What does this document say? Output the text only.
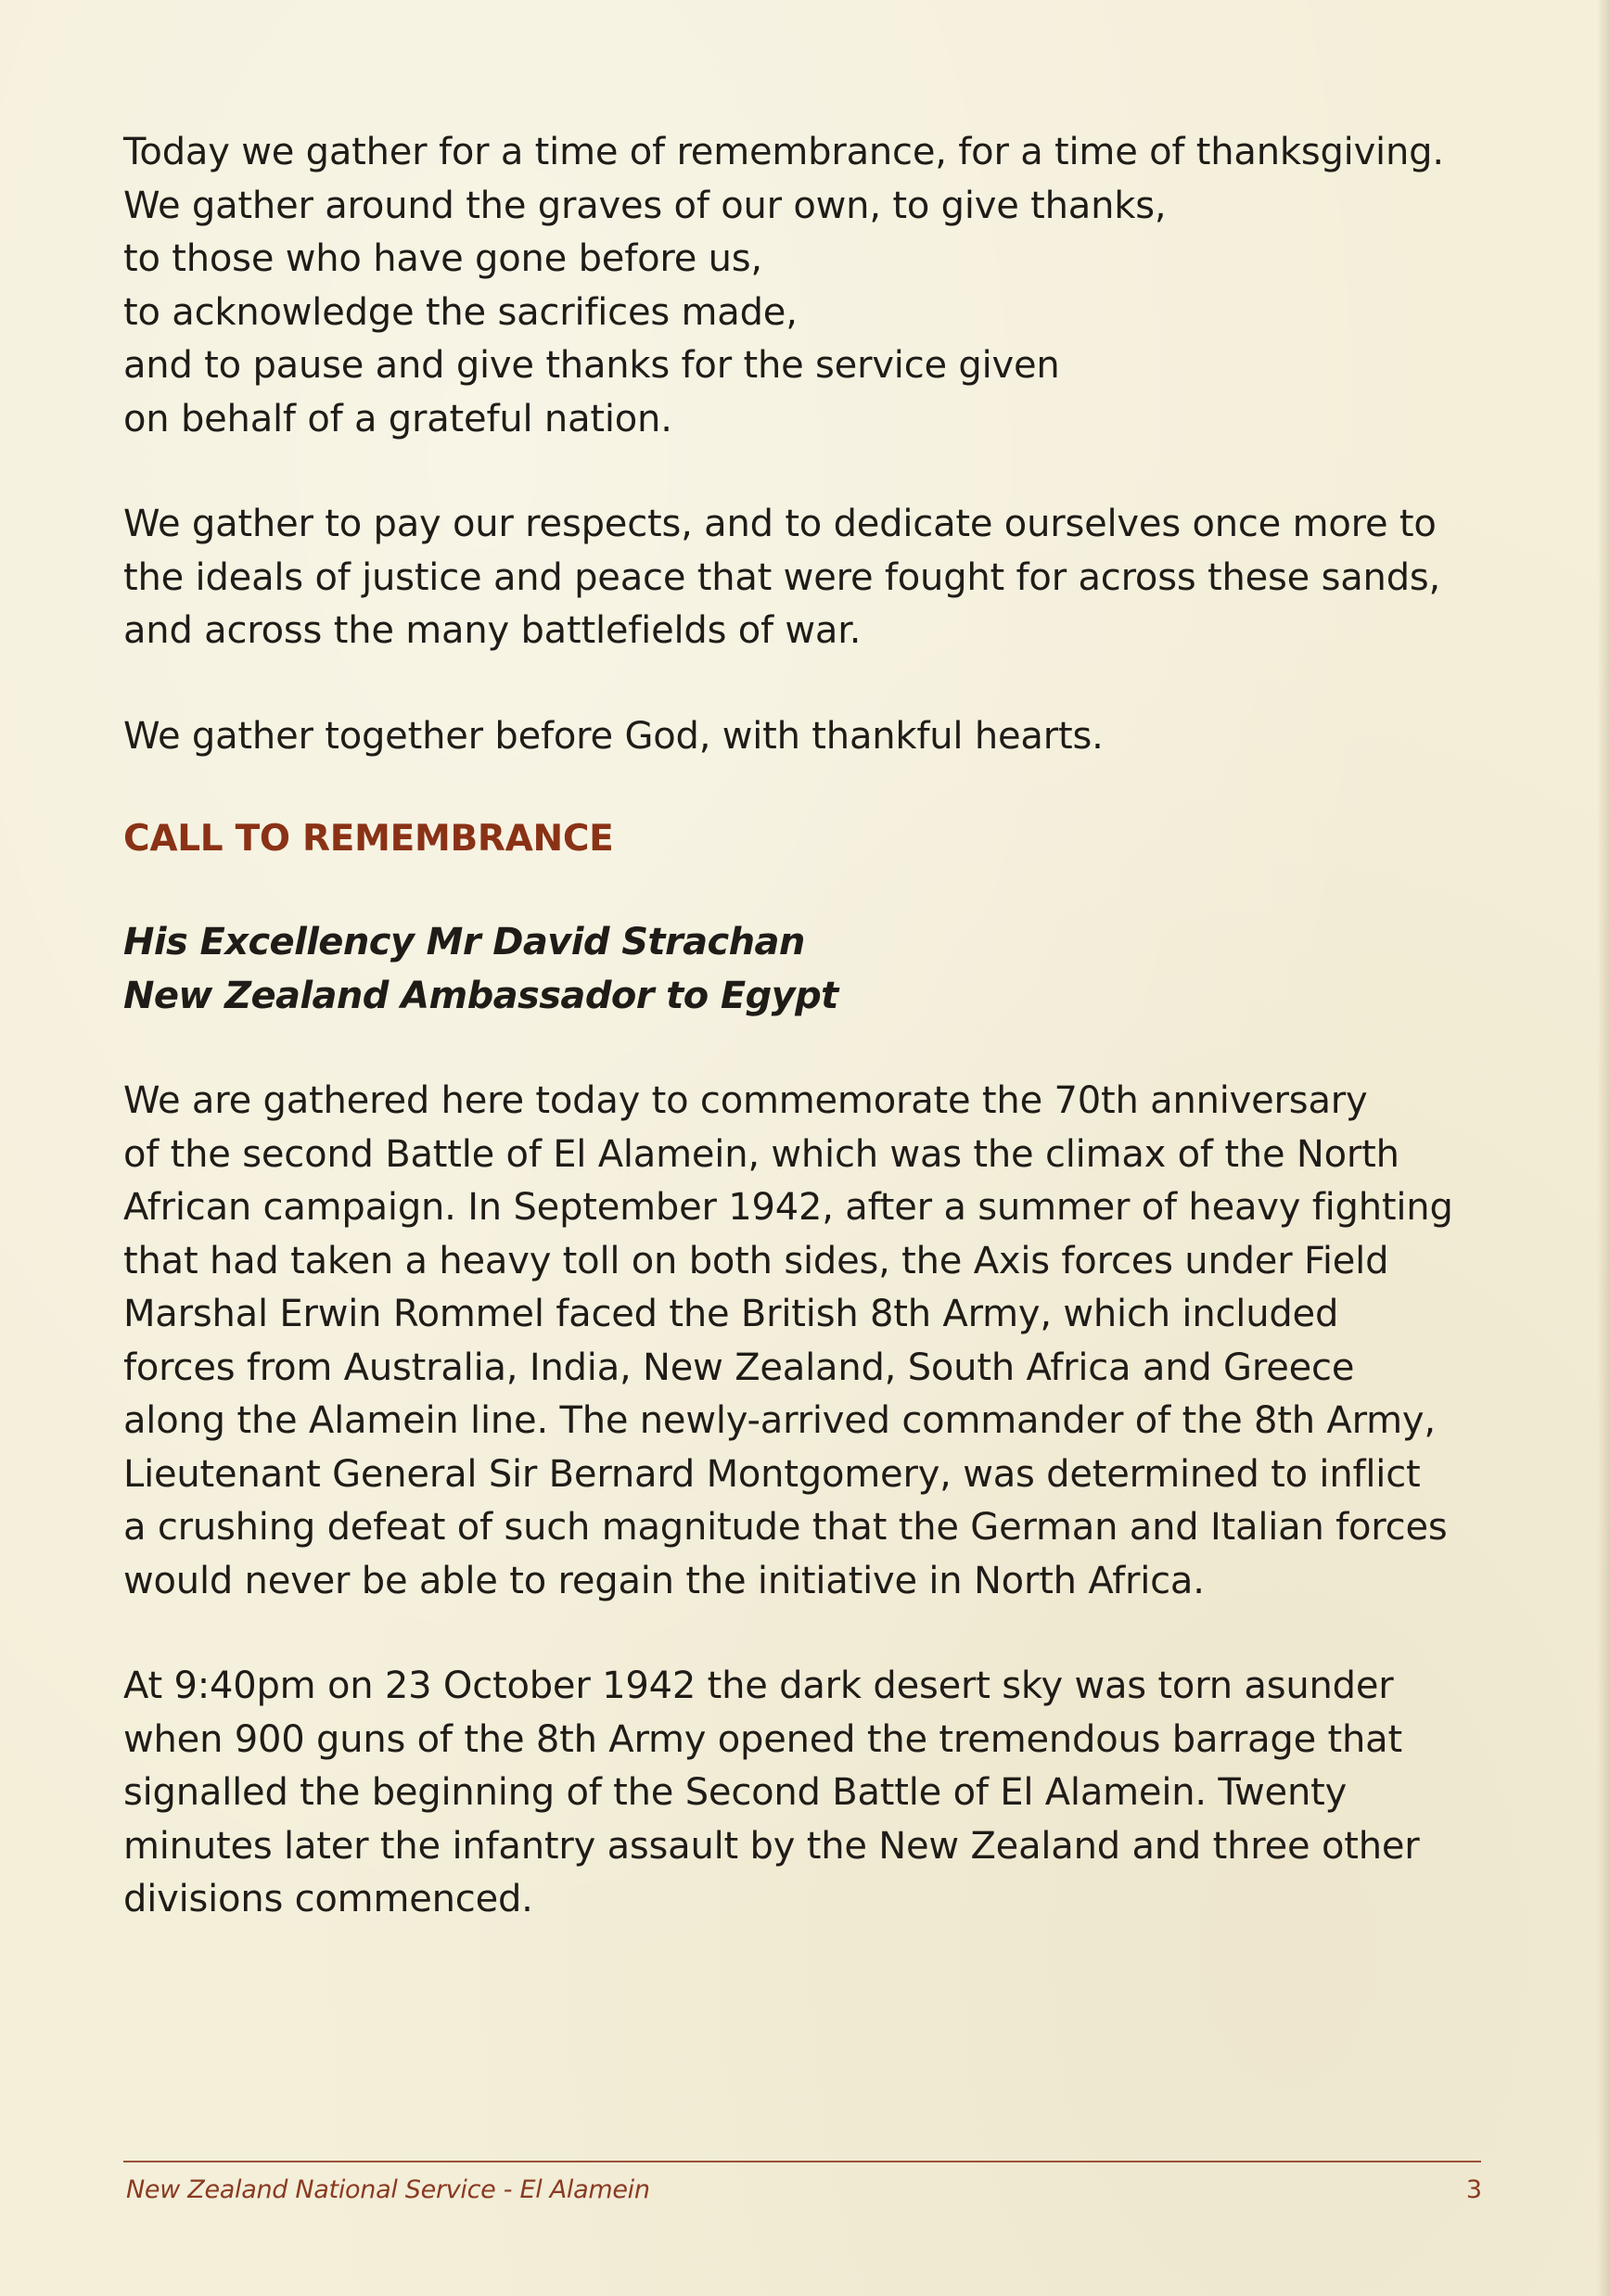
Today we gather for a time of remembrance, for a time of thanksgiving.
We gather around the graves of our own, to give thanks,
to those who have gone before us,
to acknowledge the sacrifices made,
and to pause and give thanks for the service given
on behalf of a grateful nation.
We gather to pay our respects, and to dedicate ourselves once more to
the ideals of justice and peace that were fought for across these sands,
and across the many battlefields of war.
We gather together before God, with thankful hearts.
CALL TO REMEMBRANCE
His Excellency Mr David Strachan
New Zealand Ambassador to Egypt
We are gathered here today to commemorate the 70th anniversary
of the second Battle of El Alamein, which was the climax of the North
African campaign. In September 1942, after a summer of heavy fighting
that had taken a heavy toll on both sides, the Axis forces under Field
Marshal Erwin Rommel faced the British 8th Army, which included
forces from Australia, India, New Zealand, South Africa and Greece
along the Alamein line. The newly-arrived commander of the 8th Army,
Lieutenant General Sir Bernard Montgomery, was determined to inflict
a crushing defeat of such magnitude that the German and Italian forces
would never be able to regain the initiative in North Africa.
At 9:40pm on 23 October 1942 the dark desert sky was torn asunder
when 900 guns of the 8th Army opened the tremendous barrage that
signalled the beginning of the Second Battle of El Alamein. Twenty
minutes later the infantry assault by the New Zealand and three other
divisions commenced.
New Zealand National Service - El Alamein	3
